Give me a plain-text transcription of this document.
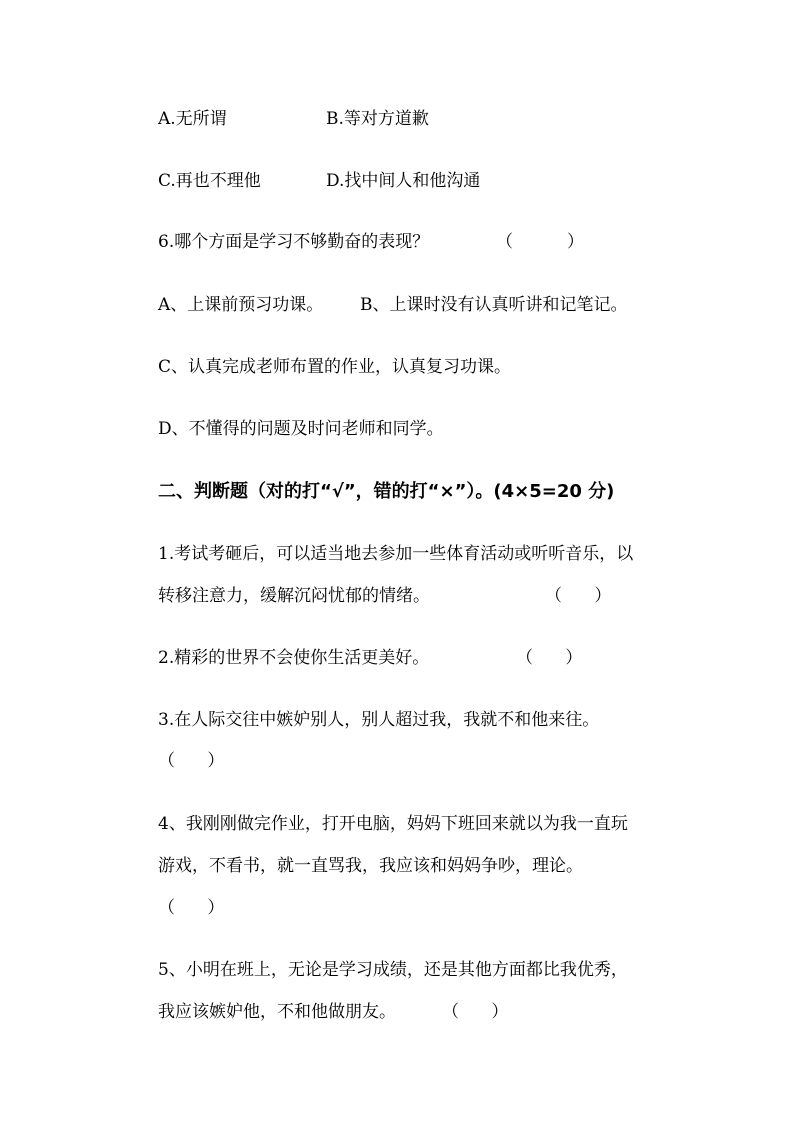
A.无所谓	B.等对方道歉
C.再也不理他	D.找中间人和他沟通
6.哪个方面是学习不够勤奋的表现？	（          ）
A、上课前预习功课。 B、上课时没有认真听讲和记笔记。
C、认真完成老师布置的作业，认真复习功课。
D、不懂得的问题及时问老师和同学。
二、判断题（对的打“√”，错的打“×”）。(4×5=20 分)
1.考试考砸后，可以适当地去参加一些体育活动或听听音乐，以
转移注意力，缓解沉闷忧郁的情绪。	（      ）
2.精彩的世界不会使你生活更美好。	（      ）
3.在人际交往中嫉妒别人，别人超过我，我就不和他来往。
（      ）
4、我刚刚做完作业，打开电脑，妈妈下班回来就以为我一直玩
游戏，不看书，就一直骂我，我应该和妈妈争吵，理论。
（      ）
5、小明在班上，无论是学习成绩，还是其他方面都比我优秀，
我应该嫉妒他，不和他做朋友。	（      ）
